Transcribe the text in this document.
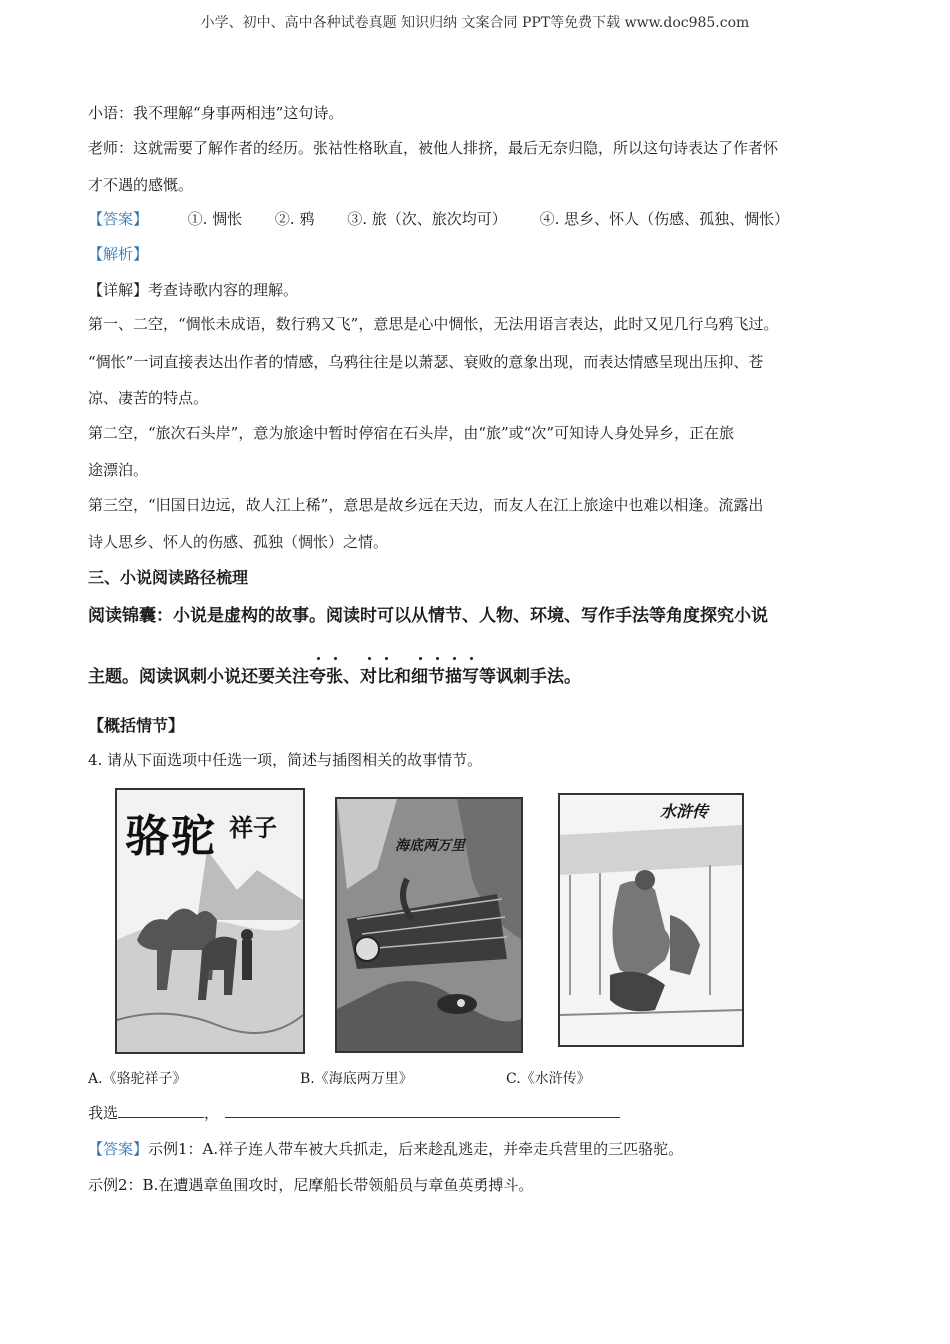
小学、初中、高中各种试卷真题 知识归纳 文案合同 PPT等免费下载 www.doc985.com
小语：我不理解“身事两相违”这句诗。
老师：这就需要了解作者的经历。张祜性格耿直，被他人排挤，最后无奈归隐，所以这句诗表达了作者怀
才不遇的感慨。
【答案】	①. 惆怅 ②. 鸦 ③. 旅（次、旅次均可） ④. 思乡、怀人（伤感、孤独、惆怅）
【解析】
【详解】考查诗歌内容的理解。
第一、二空，“惆怅未成语，数行鸦又飞”，意思是心中惆怅，无法用语言表达，此时又见几行乌鸦飞过。
“惆怅”一词直接表达出作者的情感，乌鸦往往是以萧瑟、衰败的意象出现，而表达情感呈现出压抑、苍
凉、凄苦的特点。
第二空，“旅次石头岸”，意为旅途中暂时停宿在石头岸，由“旅”或“次”可知诗人身处异乡，正在旅
途漂泊。
第三空，“旧国日边远，故人江上稀”，意思是故乡远在天边，而友人在江上旅途中也难以相逢。流露出
诗人思乡、怀人的伤感、孤独（惆怅）之情。
三、小说阅读路径梳理
阅读锦囊：小说是虚构的故事。阅读时可以从情节、人物、环境、写作手法等角度探究小说
主题。阅读讽刺小说还要关注夸张、对比和细节描写等讽刺手法。
【概括情节】
4. 请从下面选项中任选一项，简述与插图相关的故事情节。
A.《骆驼祥子》	B.《海底两万里》	C.《水浒传》
我选	，
【答案】示例1：A.祥子连人带车被大兵抓走，后来趁乱逃走，并牵走兵营里的三匹骆驼。
示例2：B.在遭遇章鱼围攻时，尼摩船长带领船员与章鱼英勇搏斗。
骆驼 祥子
海底两万里
水浒传
